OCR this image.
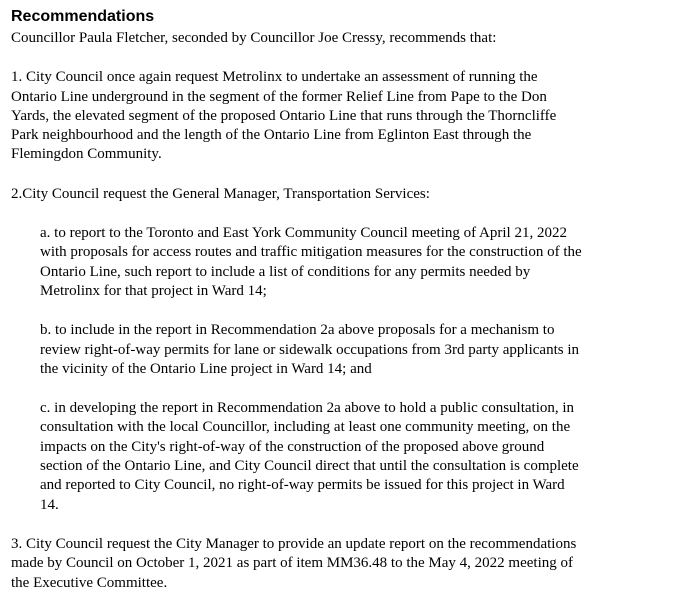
Recommendations

Councillor Paula Fletcher, seconded by Councillor Joe Cressy, recommends that:

1. City Council once again request Metrolinx to undertake an assessment of running the
Ontario Line underground in the segment of the former Relief Line from Pape to the Don
Yards, the elevated segment of the proposed Ontario Line that runs through the Thorncliffe
Park neighbourhood and the length of the Ontario Line from Eglinton East through the
Flemingdon Community.

2.City Council request the General Manager, Transportation Services:

a. to report to the Toronto and East York Community Council meeting of April 21, 2022
with proposals for access routes and traffic mitigation measures for the construction of the
Ontario Line, such report to include a list of conditions for any permits needed by
Metrolinx for that project in Ward 14;

b. to include in the report in Recommendation 2a above proposals for a mechanism to
review right-of-way permits for lane or sidewalk occupations from 3rd party applicants in
the vicinity of the Ontario Line project in Ward 14; and

c. in developing the report in Recommendation 2a above to hold a public consultation, in
consultation with the local Councillor, including at least one community meeting, on the
impacts on the City's right-of-way of the construction of the proposed above ground
section of the Ontario Line, and City Council direct that until the consultation is complete
and reported to City Council, no right-of-way permits be issued for this project in Ward
14.

3. City Council request the City Manager to provide an update report on the recommendations
made by Council on October 1, 2021 as part of item MM36.48 to the May 4, 2022 meeting of
the Executive Committee.
